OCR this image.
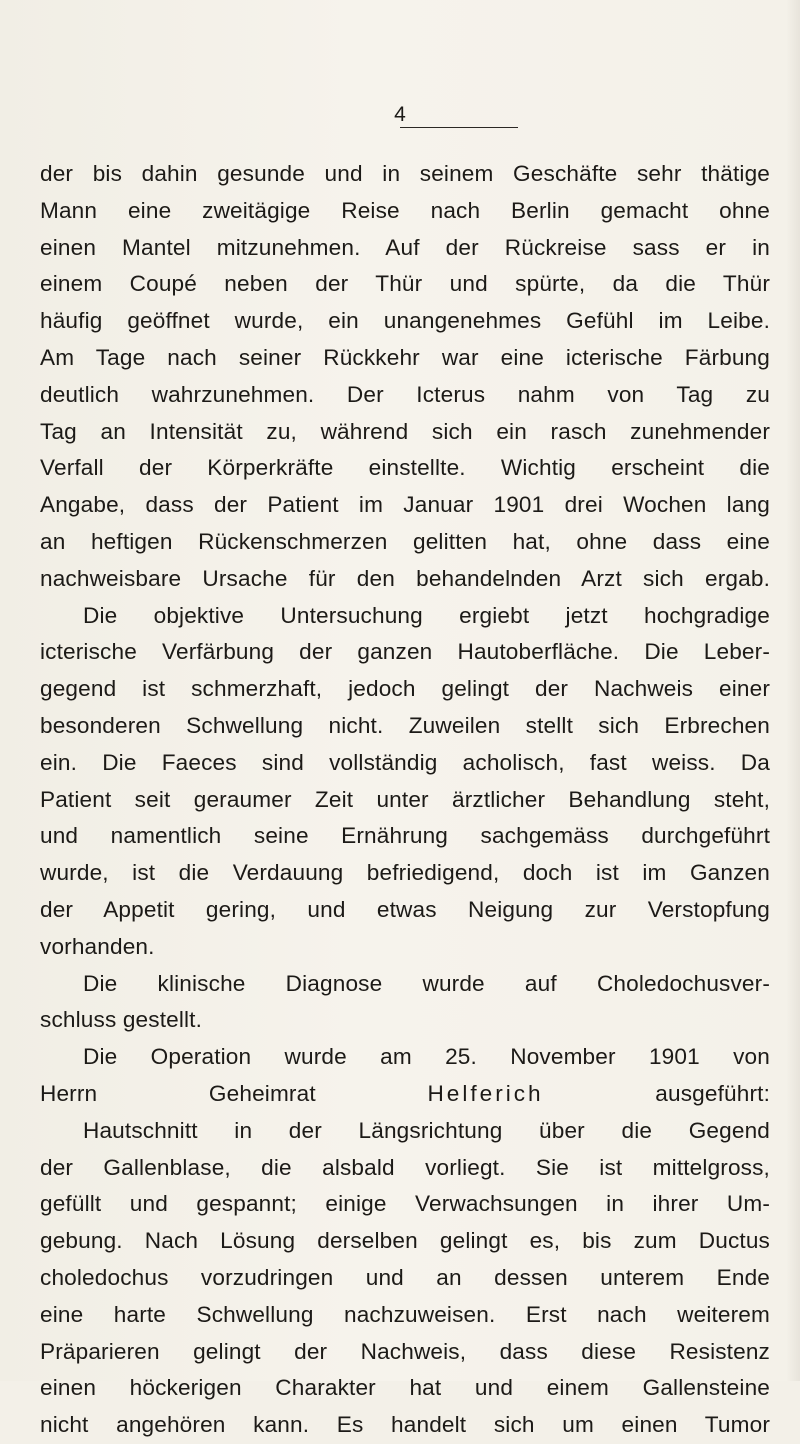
4
der bis dahin gesunde und in seinem Geschäfte sehr thätige
Mann eine zweitägige Reise nach Berlin gemacht ohne
einen Mantel mitzunehmen. Auf der Rückreise sass er in
einem Coupé neben der Thür und spürte, da die Thür
häufig geöffnet wurde, ein unangenehmes Gefühl im Leibe.
Am Tage nach seiner Rückkehr war eine icterische Färbung
deutlich wahrzunehmen. Der Icterus nahm von Tag zu
Tag an Intensität zu, während sich ein rasch zunehmender
Verfall der Körperkräfte einstellte. Wichtig erscheint die
Angabe, dass der Patient im Januar 1901 drei Wochen lang
an heftigen Rückenschmerzen gelitten hat, ohne dass eine
nachweisbare Ursache für den behandelnden Arzt sich ergab.
Die objektive Untersuchung ergiebt jetzt hochgradige
icterische Verfärbung der ganzen Hautoberfläche. Die Leber-
gegend ist schmerzhaft, jedoch gelingt der Nachweis einer
besonderen Schwellung nicht. Zuweilen stellt sich Erbrechen
ein. Die Faeces sind vollständig acholisch, fast weiss. Da
Patient seit geraumer Zeit unter ärztlicher Behandlung steht,
und namentlich seine Ernährung sachgemäss durchgeführt
wurde, ist die Verdauung befriedigend, doch ist im Ganzen
der Appetit gering, und etwas Neigung zur Verstopfung
vorhanden.
Die klinische Diagnose wurde auf Choledochusver-
schluss gestellt.
Die Operation wurde am 25. November 1901 von
Herrn Geheimrat	Helferich	ausgeführt:
Hautschnitt in der Längsrichtung über die Gegend
der Gallenblase, die alsbald vorliegt. Sie ist mittelgross,
gefüllt und gespannt; einige Verwachsungen in ihrer Um-
gebung. Nach Lösung derselben gelingt es, bis zum Ductus
choledochus vorzudringen und an dessen unterem Ende
eine harte Schwellung nachzuweisen. Erst nach weiterem
Präparieren gelingt der Nachweis, dass diese Resistenz
einen höckerigen Charakter hat und einem Gallensteine
nicht angehören kann. Es handelt sich um einen Tumor
